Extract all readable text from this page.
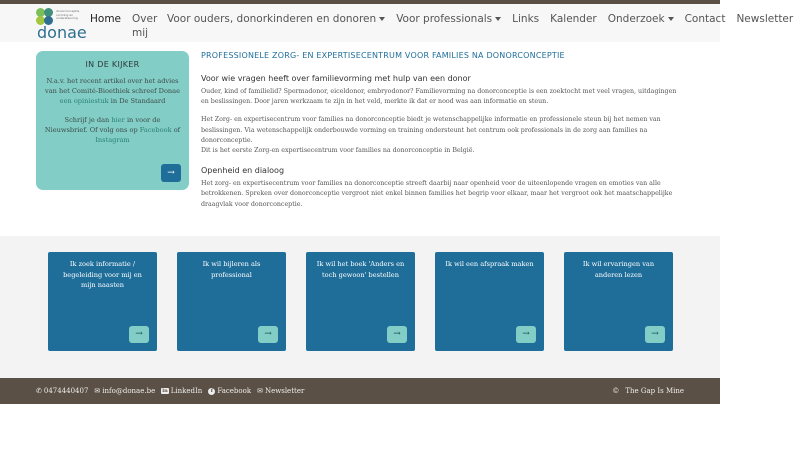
donorconceptie vorming en ondersteuning
donae
Home Over mij
Voor ouders, donorkinderen en donoren	Voor professionals	Links Kalender Onderzoek	Contact Newsletter
IN DE KIJKER

N.a.v. het recent artikel over het advies van het Comité-Bioethiek schreef Donae een opiniestuk in De Standaard

Schrijf je dan hier in voor de Nieuwsbrief. Of volg ons op Facebook of Instagram

→
PROFESSIONELE ZORG- EN EXPERTISECENTRUM VOOR FAMILIES NA DONORCONCEPTIE
Voor wie vragen heeft over familievorming met hulp van een donor

Ouder, kind of familielid? Spermadonor, eiceldonor, embryodonor? Familievorming na donorconceptie is een zoektocht met veel vragen, uitdagingen en beslissingen. Door jaren werkzaam te zijn in het veld, merkte ik dat er nood was aan informatie en steun.

Het Zorg- en expertisecentrum voor families na donorconceptie biedt je wetenschappelijke informatie en professionele steun bij het nemen van beslissingen. Via wetenschappelijk onderbouwde vorming en training ondersteunt het centrum ook professionals in de zorg aan families na donorconceptie.

Dit is het eerste Zorg-en expertisecentrum voor families na donorconceptie in België.

Openheid en dialoog

Het zorg- en expertisecentrum voor families na donorconceptie streeft daarbij naar openheid voor de uiteenlopende vragen en emoties van alle betrokkenen. Spreken over donorconceptie vergroot niet enkel binnen families het begrip voor elkaar, maar het vergroot ook het maatschappelijke draagvlak voor donorconceptie.

Ik zoek informatie / begeleiding voor mij en mijn naasten
→
Ik wil bijleren als professional
→
Ik wil het boek 'Anders en toch gewoon' bestellen
→
Ik wil een afspraak maken
→
Ik wil ervaringen van anderen lezen
→
✆ 0474440407 ✉ info@donae.be in LinkedIn	f Facebook ✉ Newsletter	© The Gap Is Mine
